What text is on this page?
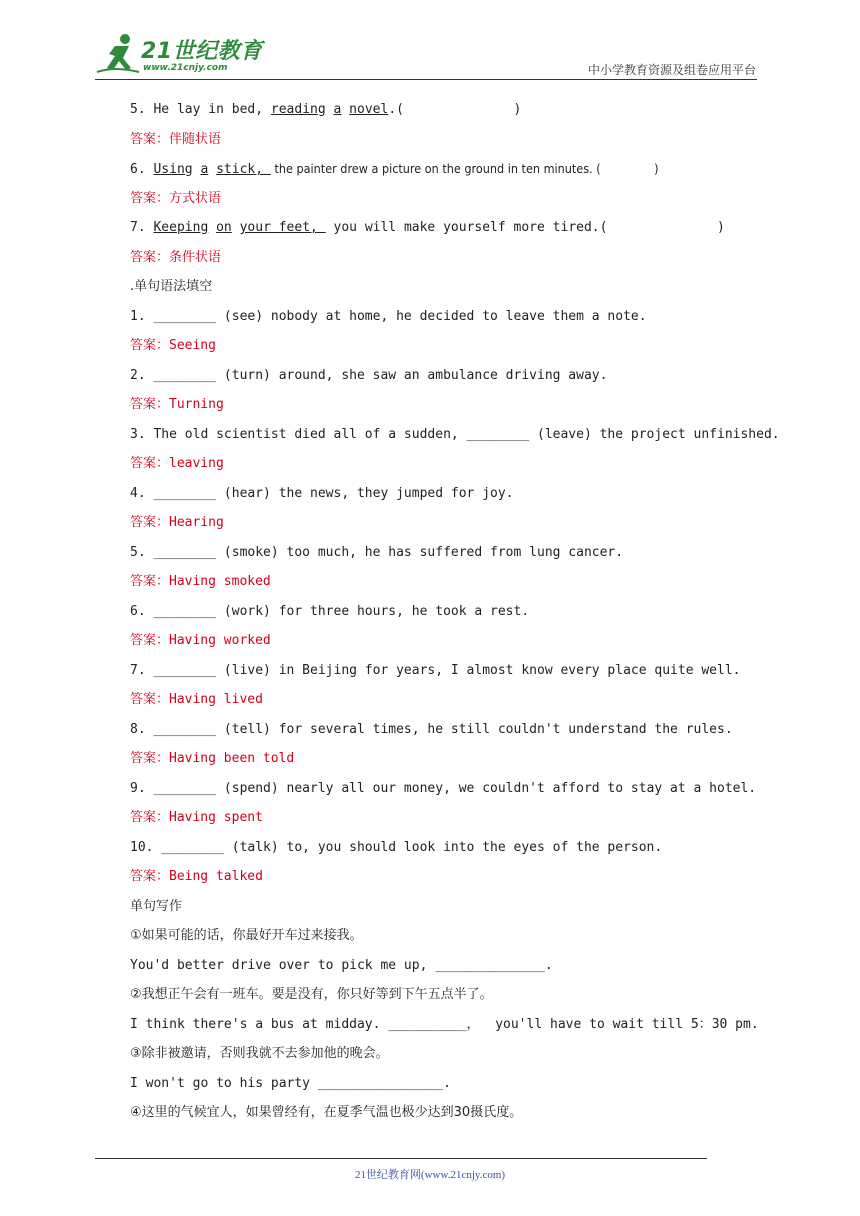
21世纪教育
www.21cnjy.com	中小学教育资源及组卷应用平台
5. He lay in bed, reading a novel.(              )
答案：伴随状语
6. Using a stick,  the painter drew a picture on the ground in ten minutes. (               )
答案：方式状语
7. Keeping on your feet,  you will make yourself more tired.(              )
答案：条件状语
.单句语法填空
1. ________ (see) nobody at home, he decided to leave them a note.
答案：Seeing
2. ________ (turn) around, she saw an ambulance driving away.
答案：Turning
3. The old scientist died all of a sudden, ________ (leave) the project unfinished.
答案：leaving
4. ________ (hear) the news, they jumped for joy.
答案：Hearing
5. ________ (smoke) too much, he has suffered from lung cancer.
答案：Having smoked
6. ________ (work) for three hours, he took a rest.
答案：Having worked
7. ________ (live) in Beijing for years, I almost know every place quite well.
答案：Having lived
8. ________ (tell) for several times, he still couldn't understand the rules.
答案：Having been told
9. ________ (spend) nearly all our money, we couldn't afford to stay at a hotel.
答案：Having spent
10. ________ (talk) to, you should look into the eyes of the person.
答案：Being talked
单句写作
①如果可能的话，你最好开车过来接我。
You'd better drive over to pick me up, ______________.
②我想正午会有一班车。要是没有，你只好等到下午五点半了。
I think there's a bus at midday. __________，  you'll have to wait till 5：30 pm.
③除非被邀请，否则我就不去参加他的晚会。
I won't go to his party ________________.
④这里的气候宜人，如果曾经有，在夏季气温也极少达到30摄氏度。
21世纪教育网(www.21cnjy.com)
